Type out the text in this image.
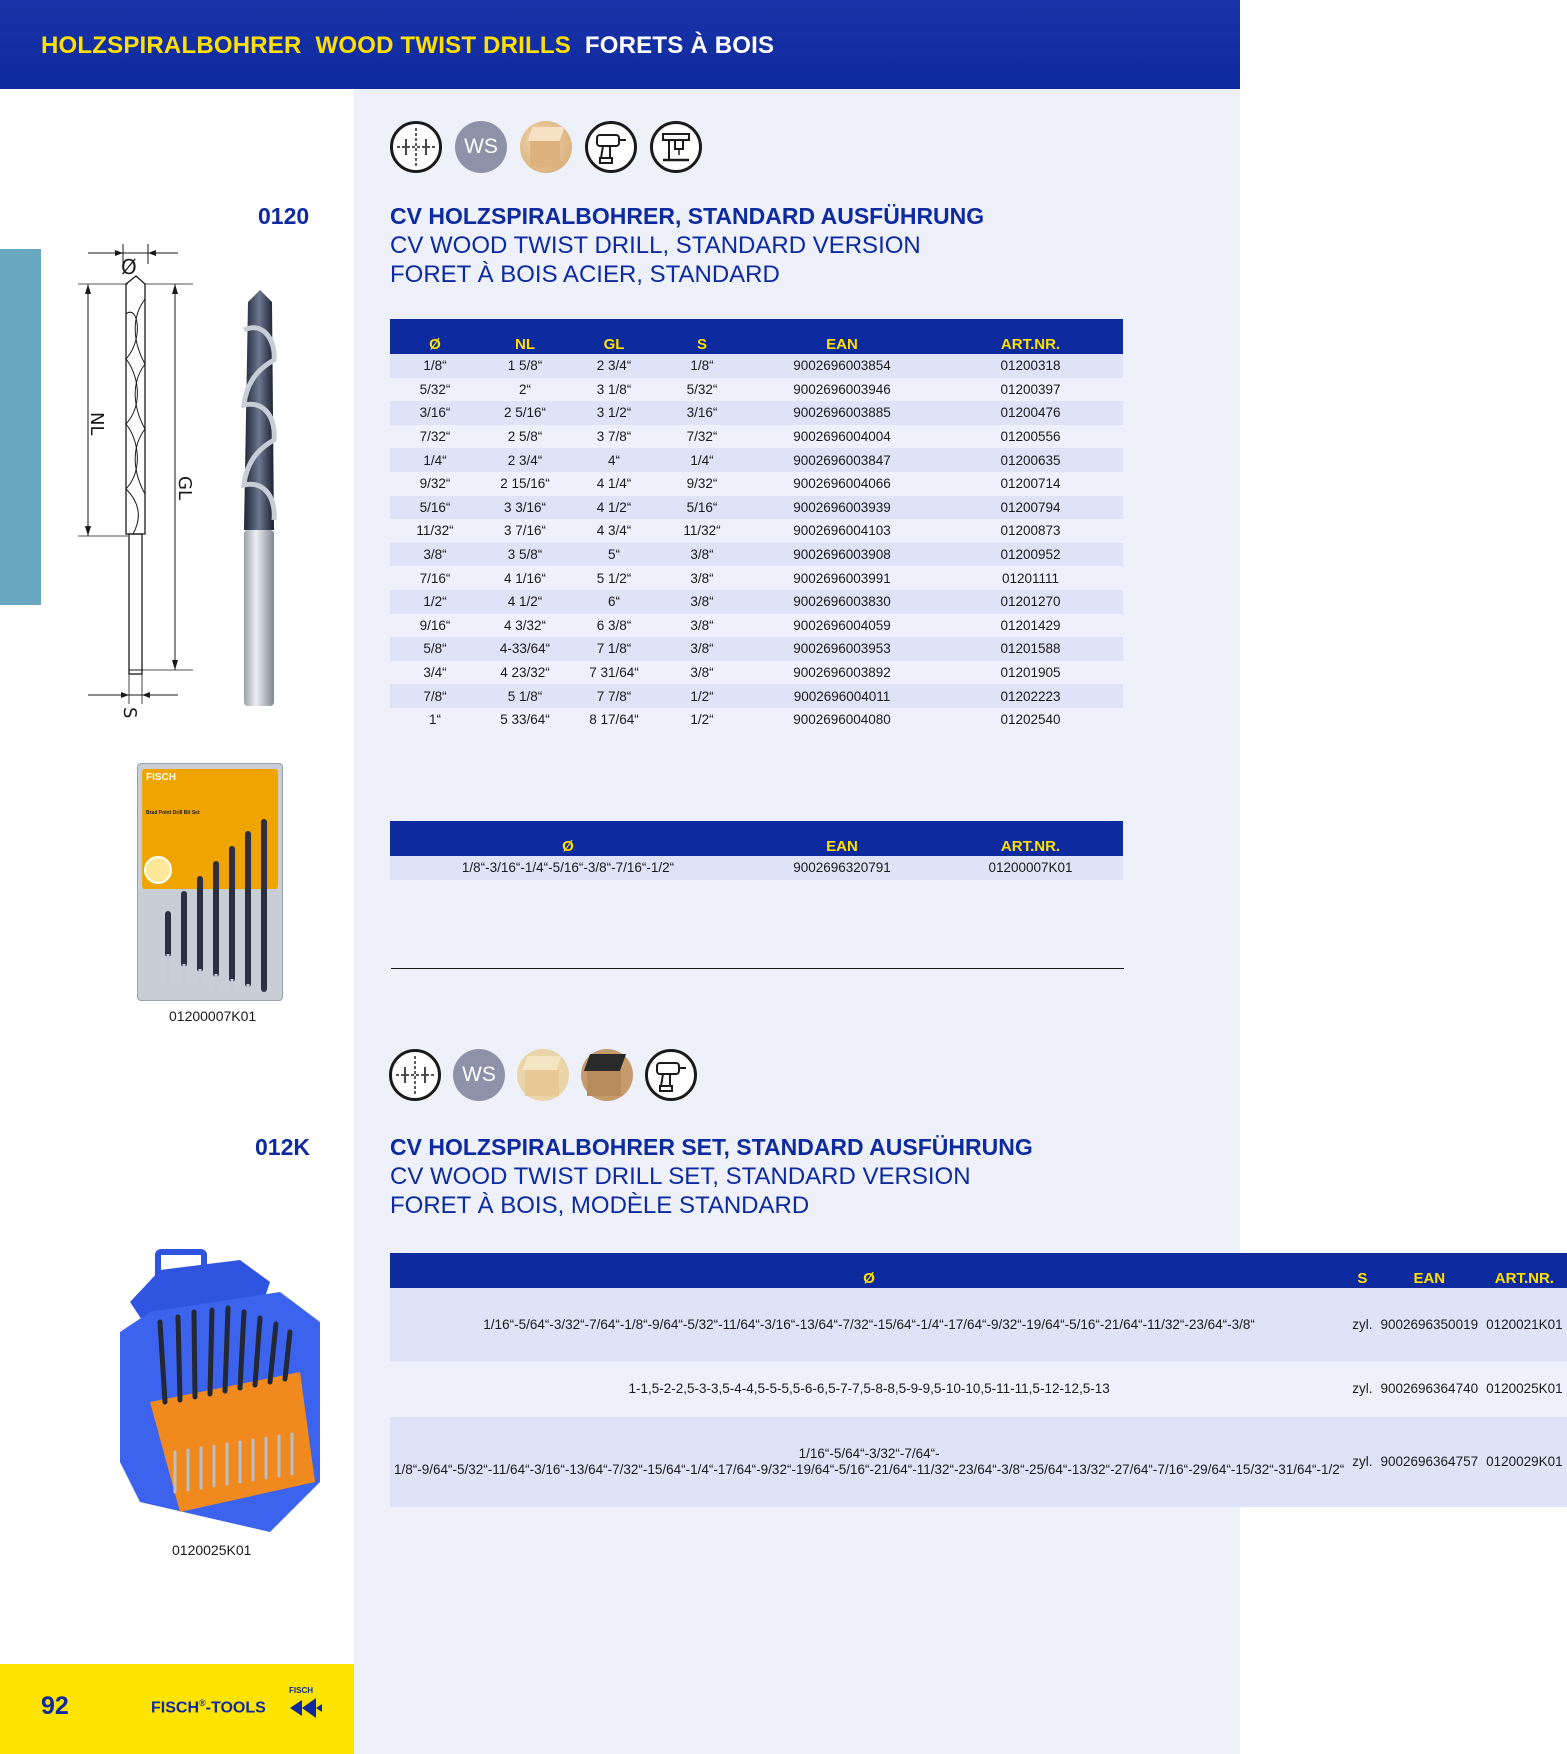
HOLZSPIRALBOHRER WOOD TWIST DRILLS FORETS À BOIS
WS
0120	CV HOLZSPIRALBOHRER, STANDARD AUSFÜHRUNG
CV WOOD TWIST DRILL, STANDARD VERSION
FORET À BOIS ACIER, STANDARD
Ø
NL
GL
S
Ø	NL	GL	S	EAN	ART.NR.
1/8“	1 5/8“	2 3/4“	1/8“	9002696003854	01200318
5/32“	2“	3 1/8“	5/32“	9002696003946	01200397
3/16“	2 5/16“	3 1/2“	3/16“	9002696003885	01200476
7/32“	2 5/8“	3 7/8“	7/32“	9002696004004	01200556
1/4“	2 3/4“	4“	1/4“	9002696003847	01200635
9/32“	2 15/16“	4 1/4“	9/32“	9002696004066	01200714
5/16“	3 3/16“	4 1/2“	5/16“	9002696003939	01200794
11/32“	3 7/16“	4 3/4“	11/32“	9002696004103	01200873
3/8“	3 5/8“	5“	3/8“	9002696003908	01200952
7/16“	4 1/16“	5 1/2“	3/8“	9002696003991	01201111
1/2“	4 1/2“	6“	3/8“	9002696003830	01201270
9/16“	4 3/32“	6 3/8“	3/8“	9002696004059	01201429
5/8“	4-33/64“	7 1/8“	3/8“	9002696003953	01201588
3/4“	4 23/32“	7 31/64“	3/8“	9002696003892	01201905
7/8“	5 1/8“	7 7/8“	1/2“	9002696004011	01202223
1“	5 33/64“	8 17/64“	1/2“	9002696004080	01202540
FISCH
Brad Point Drill Bit Set
01200007K01
Ø	EAN	ART.NR.
1/8“-3/16“-1/4“-5/16“-3/8“-7/16“-1/2“	9002696320791	01200007K01
WS
012K	CV HOLZSPIRALBOHRER SET, STANDARD AUSFÜHRUNG
CV WOOD TWIST DRILL SET, STANDARD VERSION
FORET À BOIS, MODÈLE STANDARD
0120025K01
Ø	S	EAN	ART.NR.
1/16“-5/64“-3/32“-7/64“-1/8“-9/64“-5/32“-11/64“-3/16“-13/64“-7/32“-15/64“-1/4“-17/64“-9/32“-19/64“-5/16“-21/64“-11/32“-23/64“-3/8“	zyl.	9002696350019	0120021K01
1-1,5-2-2,5-3-3,5-4-4,5-5-5,5-6-6,5-7-7,5-8-8,5-9-9,5-10-10,5-11-11,5-12-12,5-13	zyl.	9002696364740	0120025K01
1/16“-5/64“-3/32“-7/64“- 1/8“-9/64“-5/32“-11/64“-3/16“-13/64“-7/32“-15/64“-1/4“-17/64“-9/32“-19/64“-5/16“-21/64“-11/32“-23/64“-3/8“-25/64“-13/32“-27/64“-7/16“-29/64“-15/32“-31/64“-1/2“	zyl.	9002696364757	0120029K01
92	FISCH®-TOOLS
FISCH
